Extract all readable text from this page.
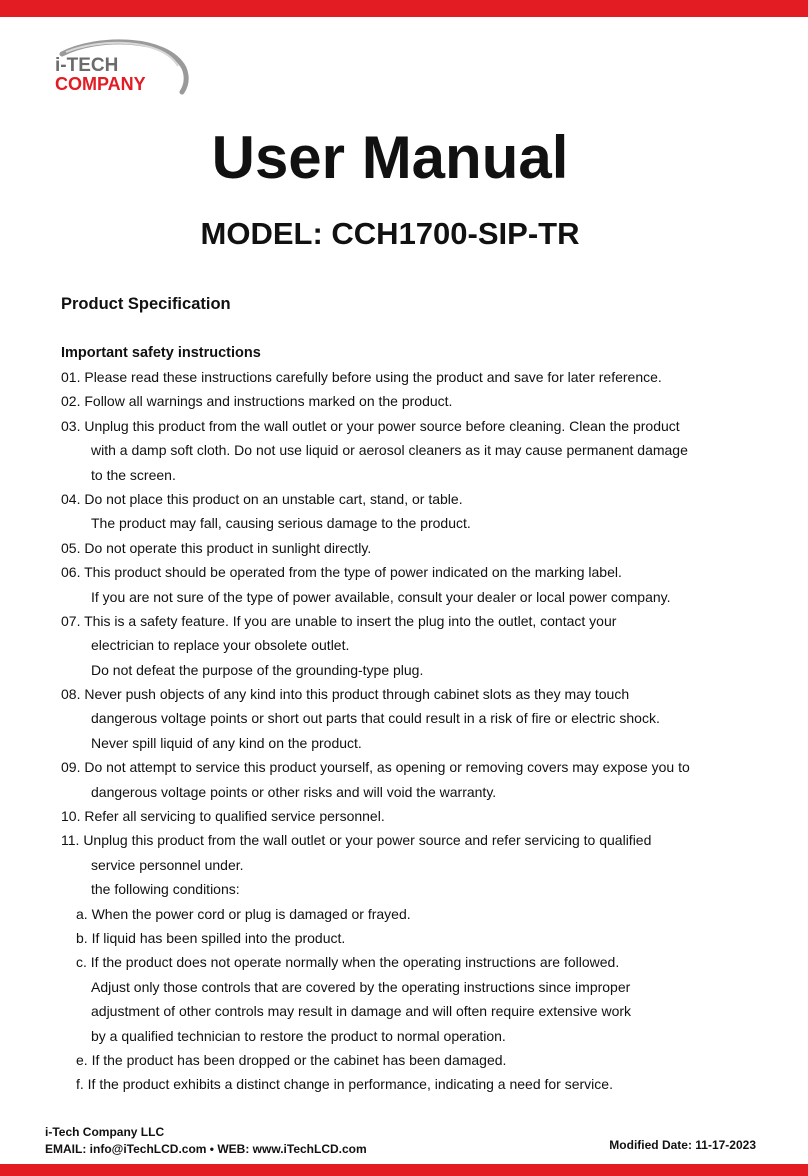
i-TECH
COMPANY
User Manual
MODEL: CCH1700-SIP-TR
Product Specification
Important safety instructions
01. Please read these instructions carefully before using the product and save for later reference.
02. Follow all warnings and instructions marked on the product.
03. Unplug this product from the wall outlet or your power source before cleaning. Clean the product
with a damp soft cloth. Do not use liquid or aerosol cleaners as it may cause permanent damage
to the screen.
04. Do not place this product on an unstable cart, stand, or table.
The product may fall, causing serious damage to the product.
05. Do not operate this product in sunlight directly.
06. This product should be operated from the type of power indicated on the marking label.
If you are not sure of the type of power available, consult your dealer or local power company.
07. This is a safety feature. If you are unable to insert the plug into the outlet, contact your
electrician to replace your obsolete outlet.
Do not defeat the purpose of the grounding-type plug.
08. Never push objects of any kind into this product through cabinet slots as they may touch
dangerous voltage points or short out parts that could result in a risk of fire or electric shock.
Never spill liquid of any kind on the product.
09. Do not attempt to service this product yourself, as opening or removing covers may expose you to
dangerous voltage points or other risks and will void the warranty.
10. Refer all servicing to qualified service personnel.
11. Unplug this product from the wall outlet or your power source and refer servicing to qualified
service personnel under.
the following conditions:
a. When the power cord or plug is damaged or frayed.
b. If liquid has been spilled into the product.
c. If the product does not operate normally when the operating instructions are followed.
Adjust only those controls that are covered by the operating instructions since improper
adjustment of other controls may result in damage and will often require extensive work
by a qualified technician to restore the product to normal operation.
e. If the product has been dropped or the cabinet has been damaged.
f. If the product exhibits a distinct change in performance, indicating a need for service.
i-Tech Company LLC
EMAIL: info@iTechLCD.com • WEB: www.iTechLCD.com	Modified Date: 11-17-2023
